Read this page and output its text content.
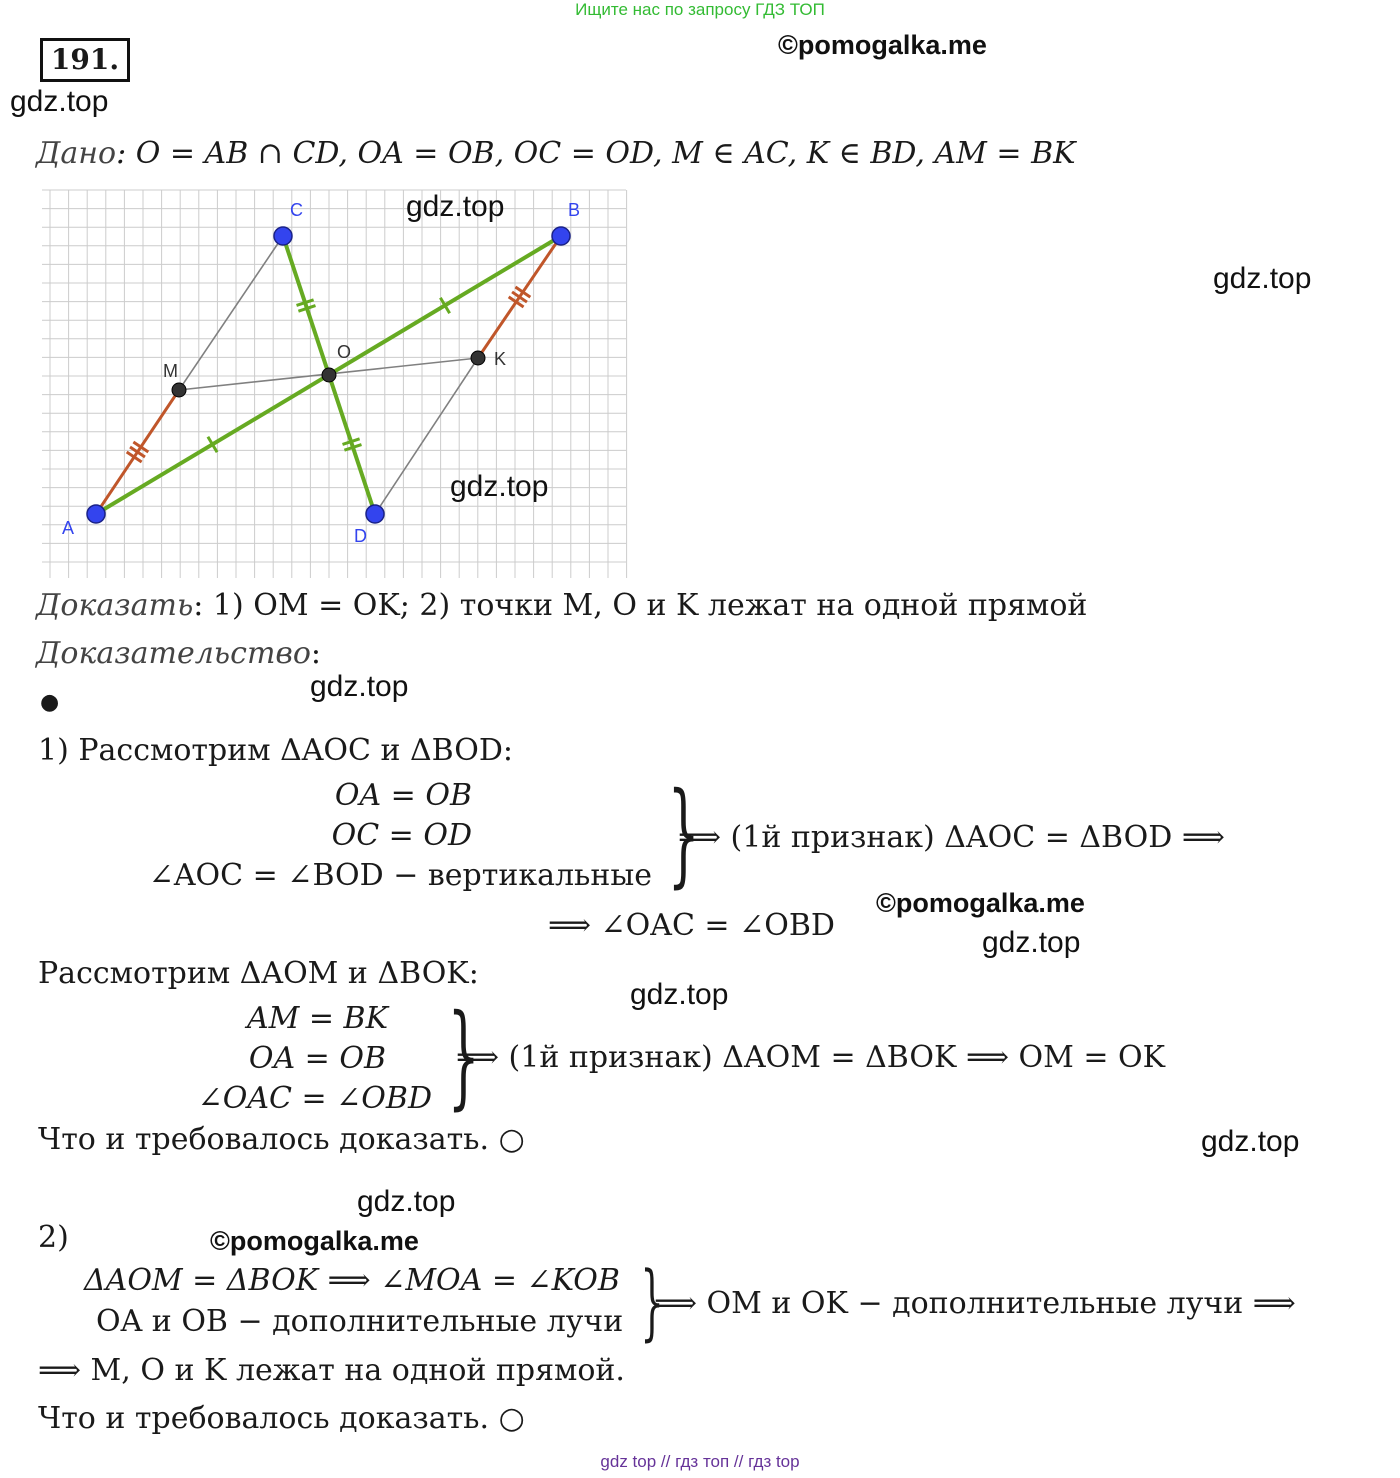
Ищите нас по запросу ГДЗ ТОП
191.	©pomogalka.me
gdz.top
Дано: O = AB ∩ CD, OA = OB, OC = OD, M ∈ AC, K ∈ BD, AM = BK
A
B
C
D
O
M
K
gdz.top
gdz.top
gdz.top
Доказать: 1) OM = OK; 2) точки M, O и K лежат на одной прямой
Доказательство:
gdz.top
●
1) Рассмотрим ΔAOC и ΔBOD:
OA = OB
OC = OD
∠AOC = ∠BOD − вертикальные }
⟹ (1й признак) ΔAOC = ΔBOD ⟹
⟹ ∠OAC = ∠OBD
©pomogalka.me
gdz.top
Рассмотрим ΔAOM и ΔBOK:
gdz.top
AM = BK
OA = OB
∠OAC = ∠OBD }
⟹ (1й признак) ΔAOM = ΔBOK ⟹ OM = OK
Что и требовалось доказать. ○	gdz.top
gdz.top
2)	©pomogalka.me
ΔAOM = ΔBOK ⟹ ∠MOA = ∠KOB
OA и OB − дополнительные лучи }
⟹ OM и OK − дополнительные лучи ⟹
⟹ M, O и K лежат на одной прямой.
Что и требовалось доказать. ○
gdz top // гдз топ // гдз top
